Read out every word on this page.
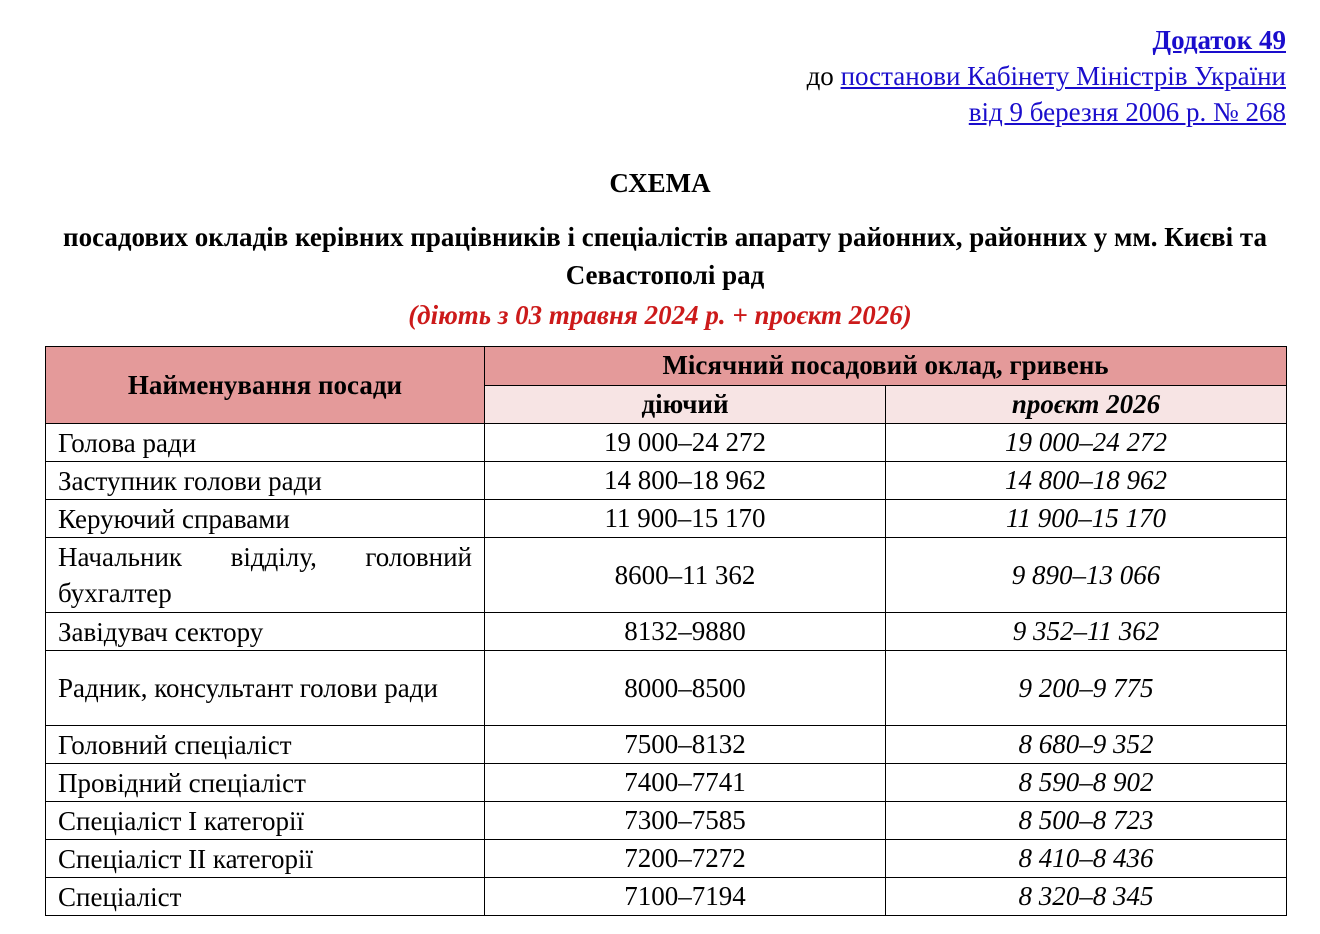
Додаток 49
до постанови Кабінету Міністрів України
від 9 березня 2006 р. № 268
СХЕМА
посадових окладів керівних працівників і спеціалістів апарату районних, районних у мм. Києві та Севастополі рад
(діють з 03 травня 2024 р. + проєкт 2026)
Найменування посади	Місячний посадовий оклад, гривень	
	діючий	проєкт 2026
Голова ради	19 000–24 272	19 000–24 272
Заступник голови ради	14 800–18 962	14 800–18 962
Керуючий справами	11 900–15 170	11 900–15 170
Начальник відділу, головний бухгалтер	8600–11 362	9 890–13 066
Завідувач сектору	8132–9880	9 352–11 362
Радник, консультант голови ради	8000–8500	9 200–9 775
Головний спеціаліст	7500–8132	8 680–9 352
Провідний спеціаліст	7400–7741	8 590–8 902
Спеціаліст I категорії	7300–7585	8 500–8 723
Спеціаліст II категорії	7200–7272	8 410–8 436
Спеціаліст	7100–7194	8 320–8 345
